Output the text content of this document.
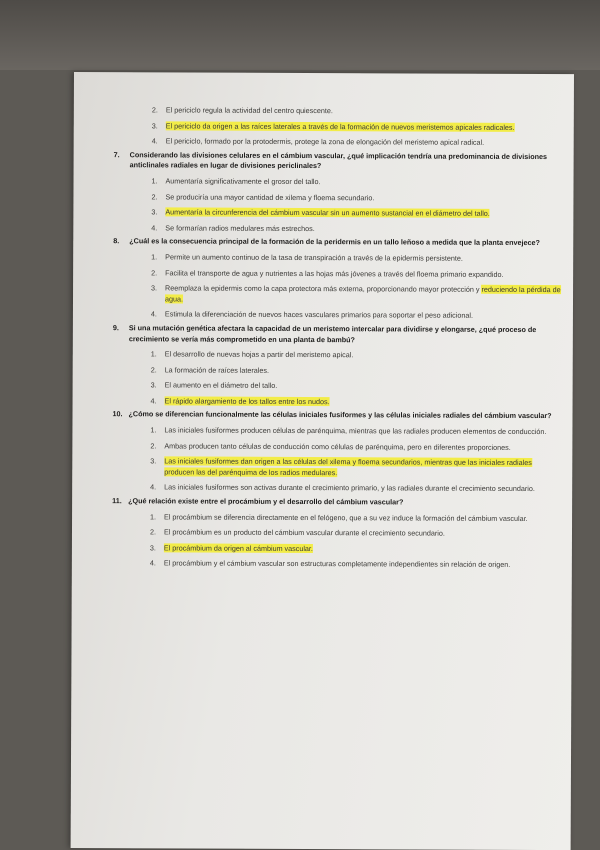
2.	El periciclo regula la actividad del centro quiescente.
3.	El periciclo da origen a las raíces laterales a través de la formación de nuevos meristemos apicales radicales.
4.	El periciclo, formado por la protodermis, protege la zona de elongación del meristemo apical radical.
7.	Considerando las divisiones celulares en el cámbium vascular, ¿qué implicación tendría una predominancia de divisiones anticlinales radiales en lugar de divisiones periclinales?
1.	Aumentaría significativamente el grosor del tallo.
2.	Se produciría una mayor cantidad de xilema y floema secundario.
3.	Aumentaría la circunferencia del cámbium vascular sin un aumento sustancial en el diámetro del tallo.
4.	Se formarían radios medulares más estrechos.
8.	¿Cuál es la consecuencia principal de la formación de la peridermis en un tallo leñoso a medida que la planta envejece?
1.	Permite un aumento continuo de la tasa de transpiración a través de la epidermis persistente.
2.	Facilita el transporte de agua y nutrientes a las hojas más jóvenes a través del floema primario expandido.
3.	Reemplaza la epidermis como la capa protectora más externa, proporcionando mayor protección y reduciendo la pérdida de agua.
4.	Estimula la diferenciación de nuevos haces vasculares primarios para soportar el peso adicional.
9.	Si una mutación genética afectara la capacidad de un meristemo intercalar para dividirse y elongarse, ¿qué proceso de crecimiento se vería más comprometido en una planta de bambú?
1.	El desarrollo de nuevas hojas a partir del meristemo apical.
2.	La formación de raíces laterales.
3.	El aumento en el diámetro del tallo.
4.	El rápido alargamiento de los tallos entre los nudos.
10. ¿Cómo se diferencian funcionalmente las células iniciales fusiformes y las células iniciales radiales del cámbium vascular?
1.	Las iniciales fusiformes producen células de parénquima, mientras que las radiales producen elementos de conducción.
2.	Ambas producen tanto células de conducción como células de parénquima, pero en diferentes proporciones.
3.	Las iniciales fusiformes dan origen a las células del xilema y floema secundarios, mientras que las iniciales radiales producen las del parénquima de los radios medulares.
4.	Las iniciales fusiformes son activas durante el crecimiento primario, y las radiales durante el crecimiento secundario.
11. ¿Qué relación existe entre el procámbium y el desarrollo del cámbium vascular?
1.	El procámbium se diferencia directamente en el felógeno, que a su vez induce la formación del cámbium vascular.
2.	El procámbium es un producto del cámbium vascular durante el crecimiento secundario.
3.	El procámbium da origen al cámbium vascular.
4.	El procámbium y el cámbium vascular son estructuras completamente independientes sin relación de origen.
